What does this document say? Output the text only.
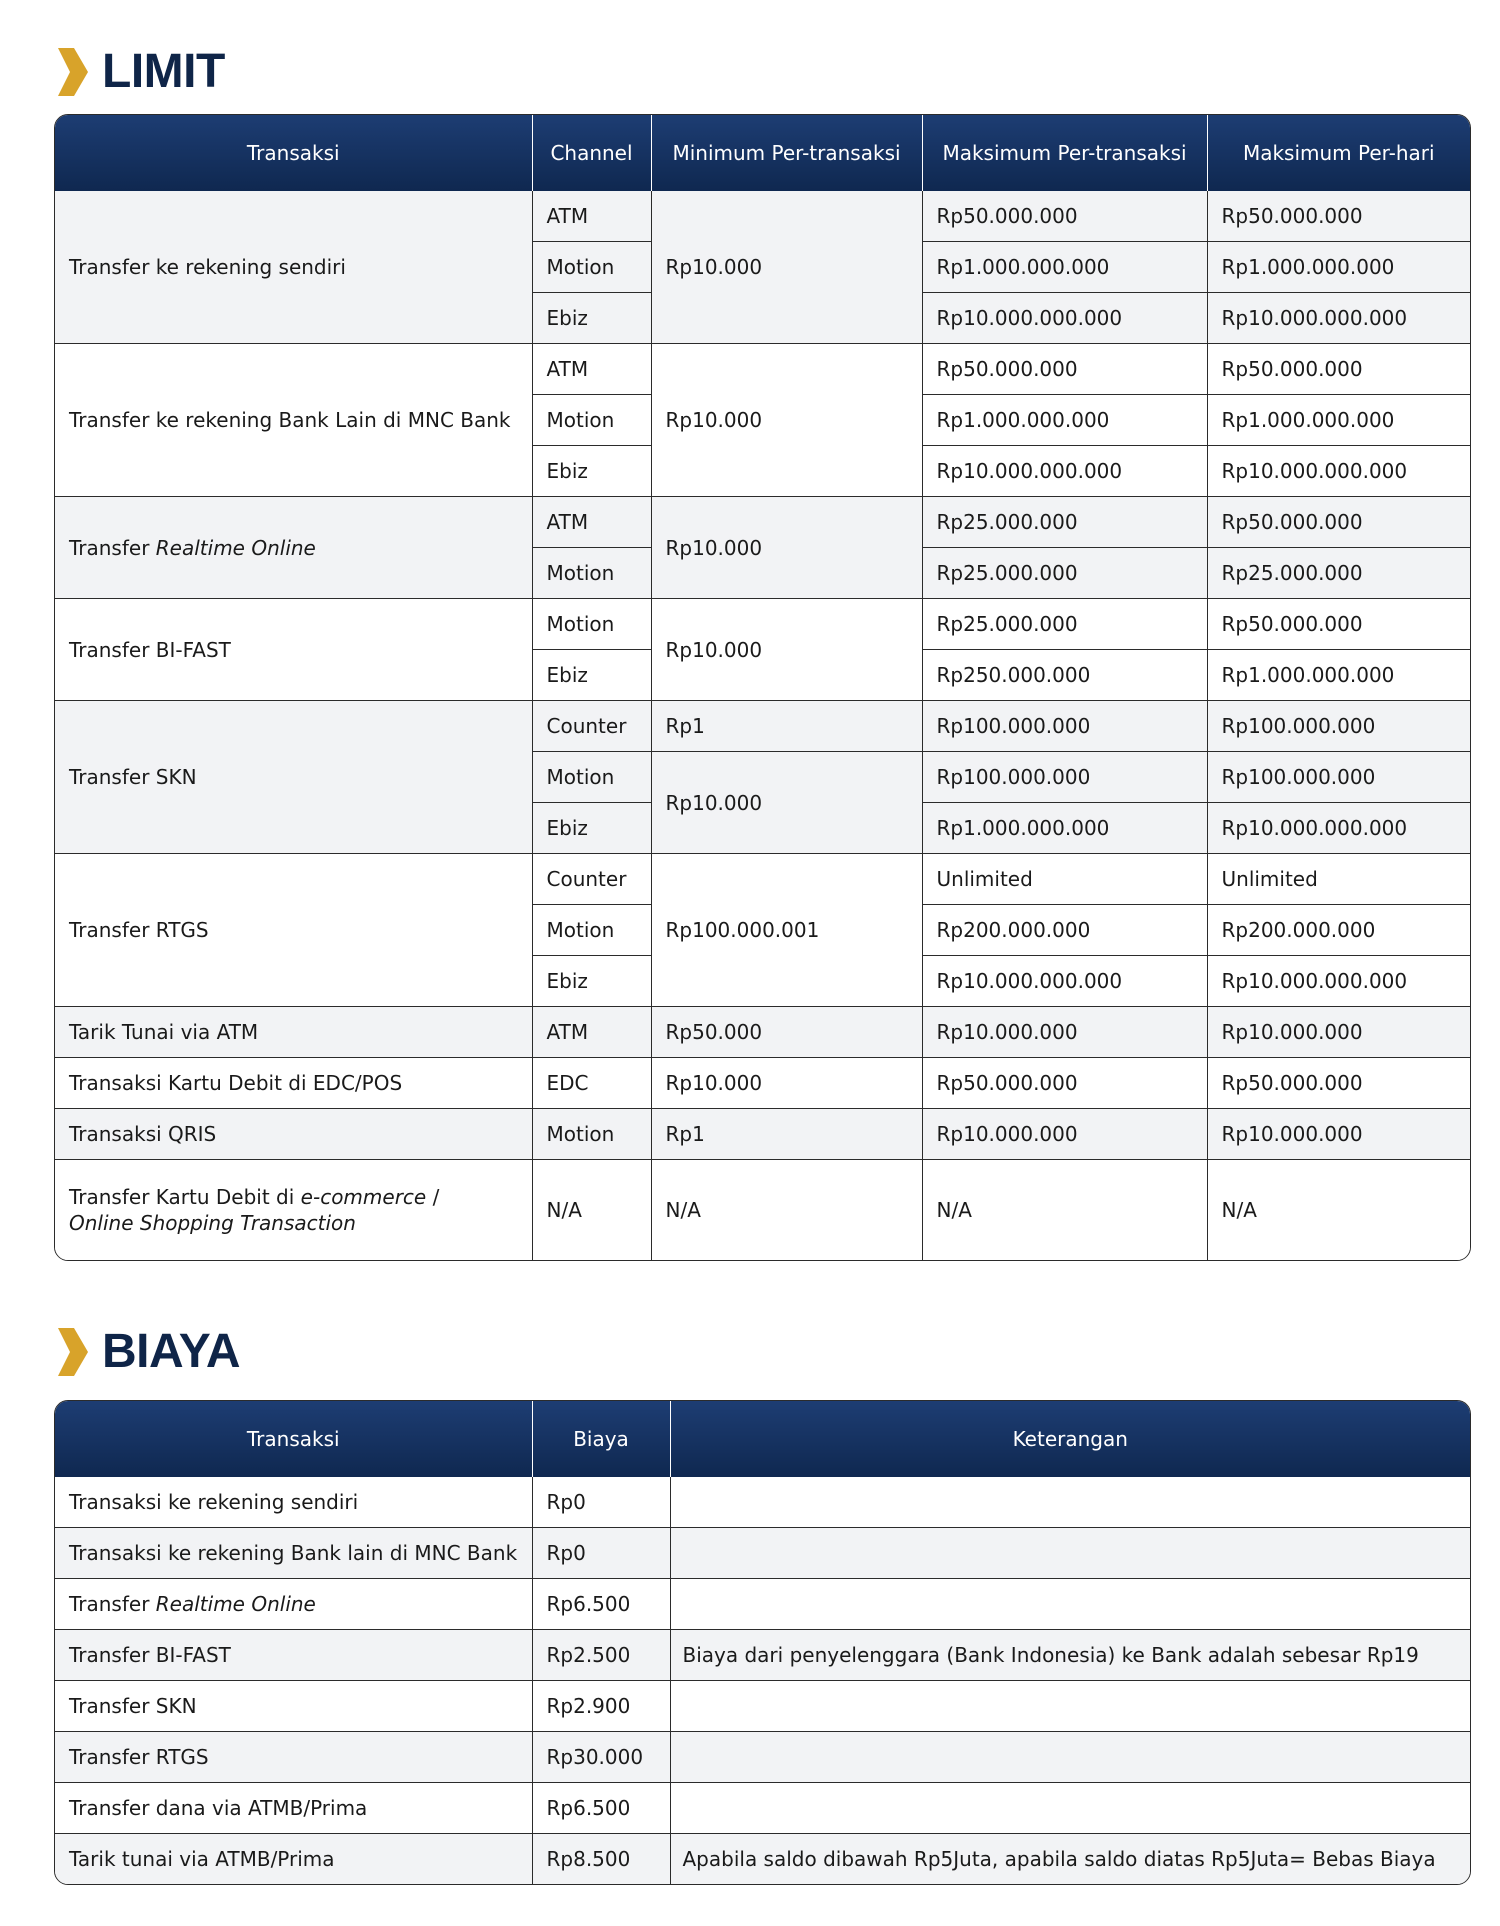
LIMIT
Transaksi	Channel	Minimum Per-transaksi	Maksimum Per-transaksi	Maksimum Per-hari
Transfer ke rekening sendiri	ATM	Rp10.000	Rp50.000.000	Rp50.000.000
	Motion		Rp1.000.000.000	Rp1.000.000.000
	Ebiz		Rp10.000.000.000	Rp10.000.000.000
Transfer ke rekening Bank Lain di MNC Bank	ATM	Rp10.000	Rp50.000.000	Rp50.000.000
	Motion		Rp1.000.000.000	Rp1.000.000.000
	Ebiz		Rp10.000.000.000	Rp10.000.000.000
Transfer Realtime Online	ATM	Rp10.000	Rp25.000.000	Rp50.000.000
	Motion		Rp25.000.000	Rp25.000.000
Transfer BI-FAST	Motion	Rp10.000	Rp25.000.000	Rp50.000.000
	Ebiz		Rp250.000.000	Rp1.000.000.000
Transfer SKN	Counter	Rp1	Rp100.000.000	Rp100.000.000
	Motion	Rp10.000	Rp100.000.000	Rp100.000.000
	Ebiz		Rp1.000.000.000	Rp10.000.000.000
Transfer RTGS	Counter	Rp100.000.001	Unlimited	Unlimited
	Motion		Rp200.000.000	Rp200.000.000
	Ebiz		Rp10.000.000.000	Rp10.000.000.000
Tarik Tunai via ATM	ATM	Rp50.000	Rp10.000.000	Rp10.000.000
Transaksi Kartu Debit di EDC/POS	EDC	Rp10.000	Rp50.000.000	Rp50.000.000
Transaksi QRIS	Motion	Rp1	Rp10.000.000	Rp10.000.000
Transfer Kartu Debit di e-commerce /
Online Shopping Transaction	N/A	N/A	N/A	N/A
BIAYA
Transaksi	Biaya	Keterangan
Transaksi ke rekening sendiri	Rp0	
Transaksi ke rekening Bank lain di MNC Bank	Rp0	
Transfer Realtime Online	Rp6.500	
Transfer BI-FAST	Rp2.500	Biaya dari penyelenggara (Bank Indonesia) ke Bank adalah sebesar Rp19
Transfer SKN	Rp2.900	
Transfer RTGS	Rp30.000	
Transfer dana via ATMB/Prima	Rp6.500	
Tarik tunai via ATMB/Prima	Rp8.500	Apabila saldo dibawah Rp5Juta, apabila saldo diatas Rp5Juta= Bebas Biaya
